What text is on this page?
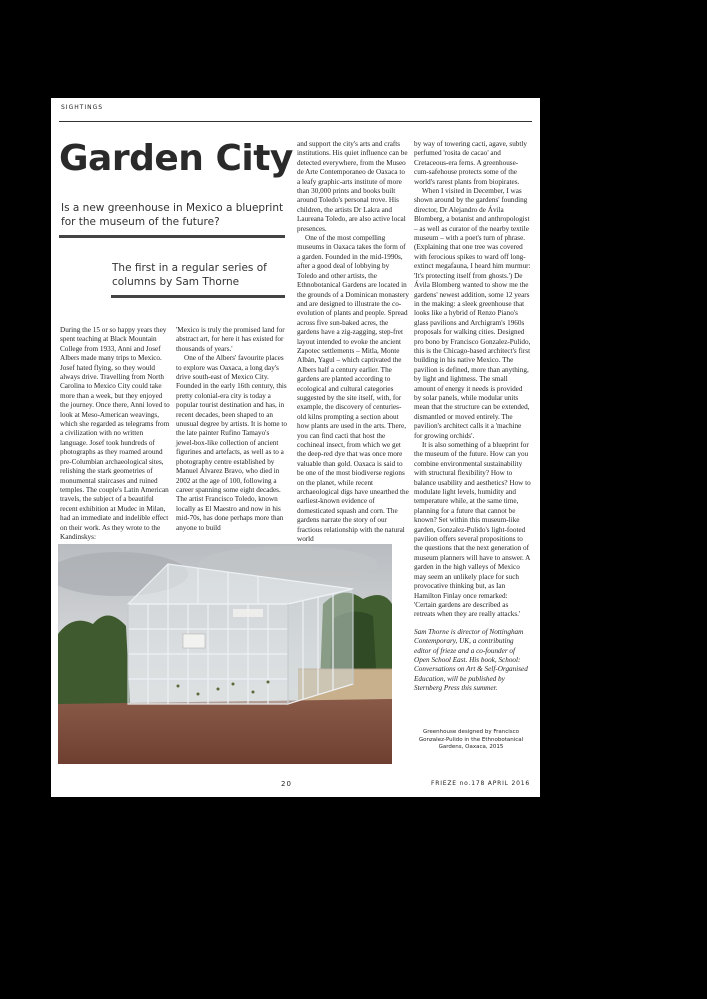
SIGHTINGS
Garden City
Is a new greenhouse in Mexico a blueprint for the museum of the future?
The first in a regular series of columns by Sam Thorne

During the 15 or so happy years they spent teaching at Black Mountain College from 1933, Anni and Josef Albers made many trips to Mexico. Josef hated flying, so they would always drive. Travelling from North Carolina to Mexico City could take more than a week, but they enjoyed the journey. Once there, Anni loved to look at Meso-American weavings, which she regarded as telegrams from a civilization with no written language. Josef took hundreds of photographs as they roamed around pre-Columbian archaeological sites, relishing the stark geometries of monumental staircases and ruined temples. The couple's Latin American travels, the subject of a beautiful recent exhibition at Mudec in Milan, had an immediate and indelible effect on their work. As they wrote to the Kandinskys:

'Mexico is truly the promised land for abstract art, for here it has existed for thousands of years.'

One of the Albers' favourite places to explore was Oaxaca, a long day's drive south-east of Mexico City. Founded in the early 16th century, this pretty colonial-era city is today a popular tourist destination and has, in recent decades, been shaped to an unusual degree by artists. It is home to the late painter Rufino Tamayo's jewel-box-like collection of ancient figurines and artefacts, as well as to a photography centre established by Manuel Álvarez Bravo, who died in 2002 at the age of 100, following a career spanning some eight decades. The artist Francisco Toledo, known locally as El Maestro and now in his mid-70s, has done perhaps more than anyone to build

and support the city's arts and crafts institutions. His quiet influence can be detected everywhere, from the Museo de Arte Contemporaneo de Oaxaca to a leafy graphic-arts institute of more than 30,000 prints and books built around Toledo's personal trove. His children, the artists Dr Lakra and Laureana Toledo, are also active local presences.

One of the most compelling museums in Oaxaca takes the form of a garden. Founded in the mid-1990s, after a good deal of lobbying by Toledo and other artists, the Ethnobotanical Gardens are located in the grounds of a Dominican monastery and are designed to illustrate the co-evolution of plants and people. Spread across five sun-baked acres, the gardens have a zig-zagging, step-fret layout intended to evoke the ancient Zapotec settlements – Mitla, Monte Albán, Yagul – which captivated the Albers half a century earlier. The gardens are planted according to ecological and cultural categories suggested by the site itself, with, for example, the discovery of centuries-old kilns prompting a section about how plants are used in the arts. There, you can find cacti that host the cochineal insect, from which we get the deep-red dye that was once more valuable than gold. Oaxaca is said to be one of the most biodiverse regions on the planet, while recent archaeological digs have unearthed the earliest-known evidence of domesticated squash and corn. The gardens narrate the story of our fractious relationship with the natural world

by way of towering cacti, agave, subtly perfumed 'rosita de cacao' and Cretaceous-era ferns. A greenhouse-cum-safehouse protects some of the world's rarest plants from biopirates.

When I visited in December, I was shown around by the gardens' founding director, Dr Alejandro de Ávila Blomberg, a botanist and anthropologist – as well as curator of the nearby textile museum – with a poet's turn of phrase. (Explaining that one tree was covered with ferocious spikes to ward off long-extinct megafauna, I heard him murmur: 'It's protecting itself from ghosts.') De Ávila Blomberg wanted to show me the gardens' newest addition, some 12 years in the making: a sleek greenhouse that looks like a hybrid of Renzo Piano's glass pavilions and Archigram's 1960s proposals for walking cities. Designed pro bono by Francisco Gonzalez-Pulido, this is the Chicago-based architect's first building in his native Mexico. The pavilion is defined, more than anything, by light and lightness. The small amount of energy it needs is provided by solar panels, while modular units mean that the structure can be extended, dismantled or moved entirely. The pavilion's architect calls it a 'machine for growing orchids'.

It is also something of a blueprint for the museum of the future. How can you combine environmental sustainability with structural flexibility? How to balance usability and aesthetics? How to modulate light levels, humidity and temperature while, at the same time, planning for a future that cannot be known? Set within this museum-like garden, Gonzalez-Pulido's light-footed pavilion offers several propositions to the questions that the next generation of museum planners will have to answer. A garden in the high valleys of Mexico may seem an unlikely place for such provocative thinking but, as Ian Hamilton Finlay once remarked: 'Certain gardens are described as retreats when they are really attacks.'

Sam Thorne is director of Nottingham Contemporary, UK, a contributing editor of frieze and a co-founder of Open School East. His book, School: Conversations on Art & Self-Organised Education, will be published by Sternberg Press this summer.

Greenhouse designed by Francisco Gonzalez-Pulido in the Ethnobotanical Gardens, Oaxaca, 2015
20	FRIEZE no.178 APRIL 2016
